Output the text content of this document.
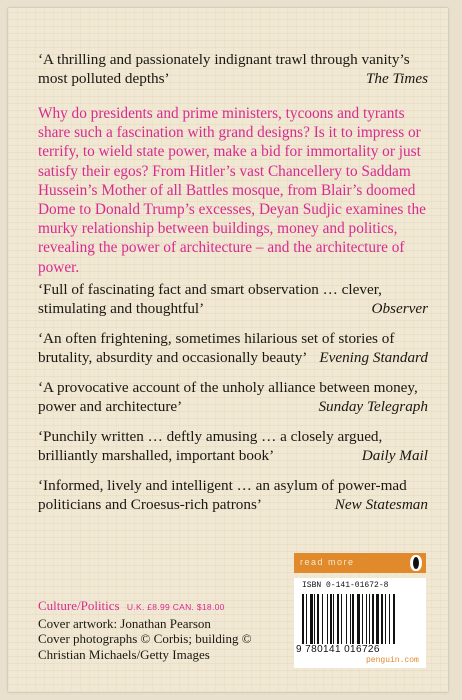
‘A thrilling and passionately indignant trawl through vanity’s most polluted depths’	The Times
Why do presidents and prime ministers, tycoons and tyrants share such a fascination with grand designs? Is it to impress or terrify, to wield state power, make a bid for immortality or just satisfy their egos? From Hitler’s vast Chancellery to Saddam Hussein’s Mother of all Battles mosque, from Blair’s doomed Dome to Donald Trump’s excesses, Deyan Sudjic examines the murky relationship between buildings, money and politics, revealing the power of architecture – and the architecture of power.
‘Full of fascinating fact and smart observation … clever, stimulating and thoughtful’	Observer
‘An often frightening, sometimes hilarious set of stories of brutality, absurdity and occasionally beauty’ Evening Standard
‘A provocative account of the unholy alliance between money, power and architecture’	Sunday Telegraph
‘Punchily written … deftly amusing … a closely argued, brilliantly marshalled, important book’	Daily Mail
‘Informed, lively and intelligent … an asylum of power-mad politicians and Croesus-rich patrons’	New Statesman
read more
ISBN 0-141-01672-8
9 780141 016726
penguin.com
Culture/Politics U.K. £8.99 CAN. $18.00
Cover artwork: Jonathan Pearson
Cover photographs © Corbis; building © Christian Michaels/Getty Images
